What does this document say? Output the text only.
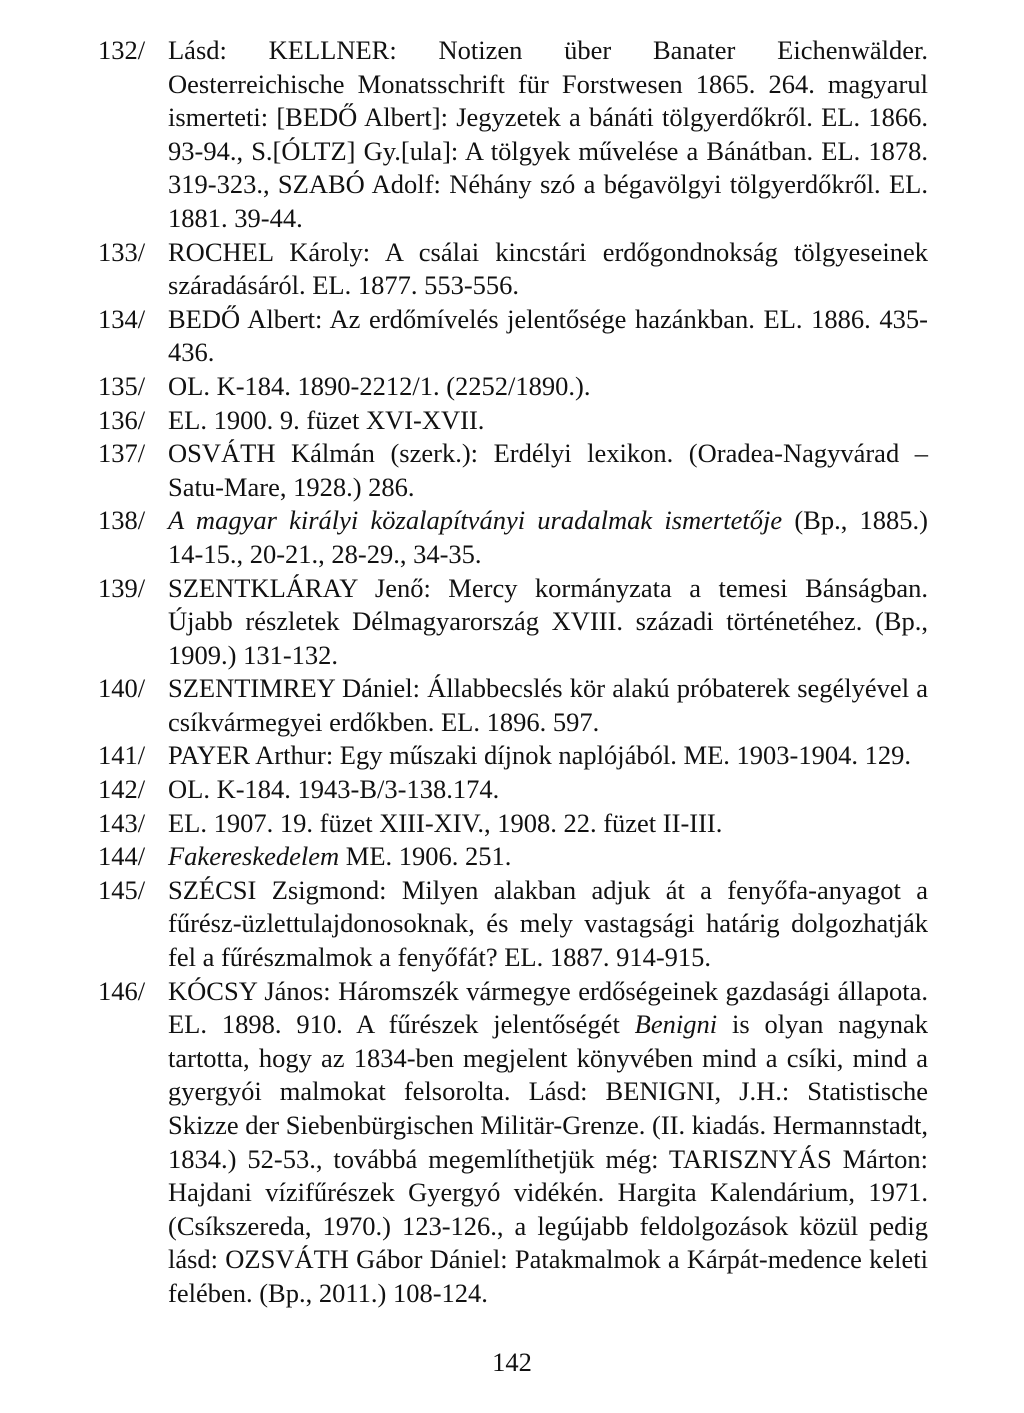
132/ Lásd: KELLNER: Notizen über Banater Eichenwälder. Oesterreichische Monatsschrift für Forstwesen 1865. 264. magyarul ismerteti: [BEDŐ Albert]: Jegyzetek a bánáti tölgyerdőkről. EL. 1866. 93-94., S.[ÓLTZ] Gy.[ula]: A tölgyek művelése a Bánátban. EL. 1878. 319-323., SZABÓ Adolf: Néhány szó a bégavölgyi tölgyerdőkről. EL. 1881. 39-44.
133/ ROCHEL Károly: A csálai kincstári erdőgondnokság tölgyeseinek száradásáról. EL. 1877. 553-556.
134/ BEDŐ Albert: Az erdőmívelés jelentősége hazánkban. EL. 1886. 435-436.
135/ OL. K-184. 1890-2212/1. (2252/1890.).
136/ EL. 1900. 9. füzet XVI-XVII.
137/ OSVÁTH Kálmán (szerk.): Erdélyi lexikon. (Oradea-Nagyvárad – Satu-Mare, 1928.) 286.
138/ A magyar királyi közalapítványi uradalmak ismertetője (Bp., 1885.) 14-15., 20-21., 28-29., 34-35.
139/ SZENTKLÁRAY Jenő: Mercy kormányzata a temesi Bánságban. Újabb részletek Délmagyarország XVIII. századi történetéhez. (Bp., 1909.) 131-132.
140/ SZENTIMREY Dániel: Állabbecslés kör alakú próbaterek segélyével a csíkvármegyei erdőkben. EL. 1896. 597.
141/ PAYER Arthur: Egy műszaki díjnok naplójából. ME. 1903-1904. 129.
142/ OL. K-184. 1943-B/3-138.174.
143/ EL. 1907. 19. füzet XIII-XIV., 1908. 22. füzet II-III.
144/ Fakereskedelem ME. 1906. 251.
145/ SZÉCSI Zsigmond: Milyen alakban adjuk át a fenyőfa-anyagot a fűrész-üzlettulajdonosoknak, és mely vastagsági határig dolgozhatják fel a fűrészmalmok a fenyőfát? EL. 1887. 914-915.
146/ KÓCSY János: Háromszék vármegye erdőségeinek gazdasági állapota. EL. 1898. 910. A fűrészek jelentőségét Benigni is olyan nagynak tartotta, hogy az 1834-ben megjelent könyvében mind a csíki, mind a gyergyói malmokat felsorolta. Lásd: BENIGNI, J.H.: Statistische Skizze der Siebenbürgischen Militär-Grenze. (II. kiadás. Hermannstadt, 1834.) 52-53., továbbá megemlíthetjük még: TARISZNYÁS Márton: Hajdani vízifűrészek Gyergyó vidékén. Hargita Kalendárium, 1971. (Csíkszereda, 1970.) 123-126., a legújabb feldolgozások közül pedig lásd: OZSVÁTH Gábor Dániel: Patakmalmok a Kárpát-medence keleti felében. (Bp., 2011.) 108-124.
142
